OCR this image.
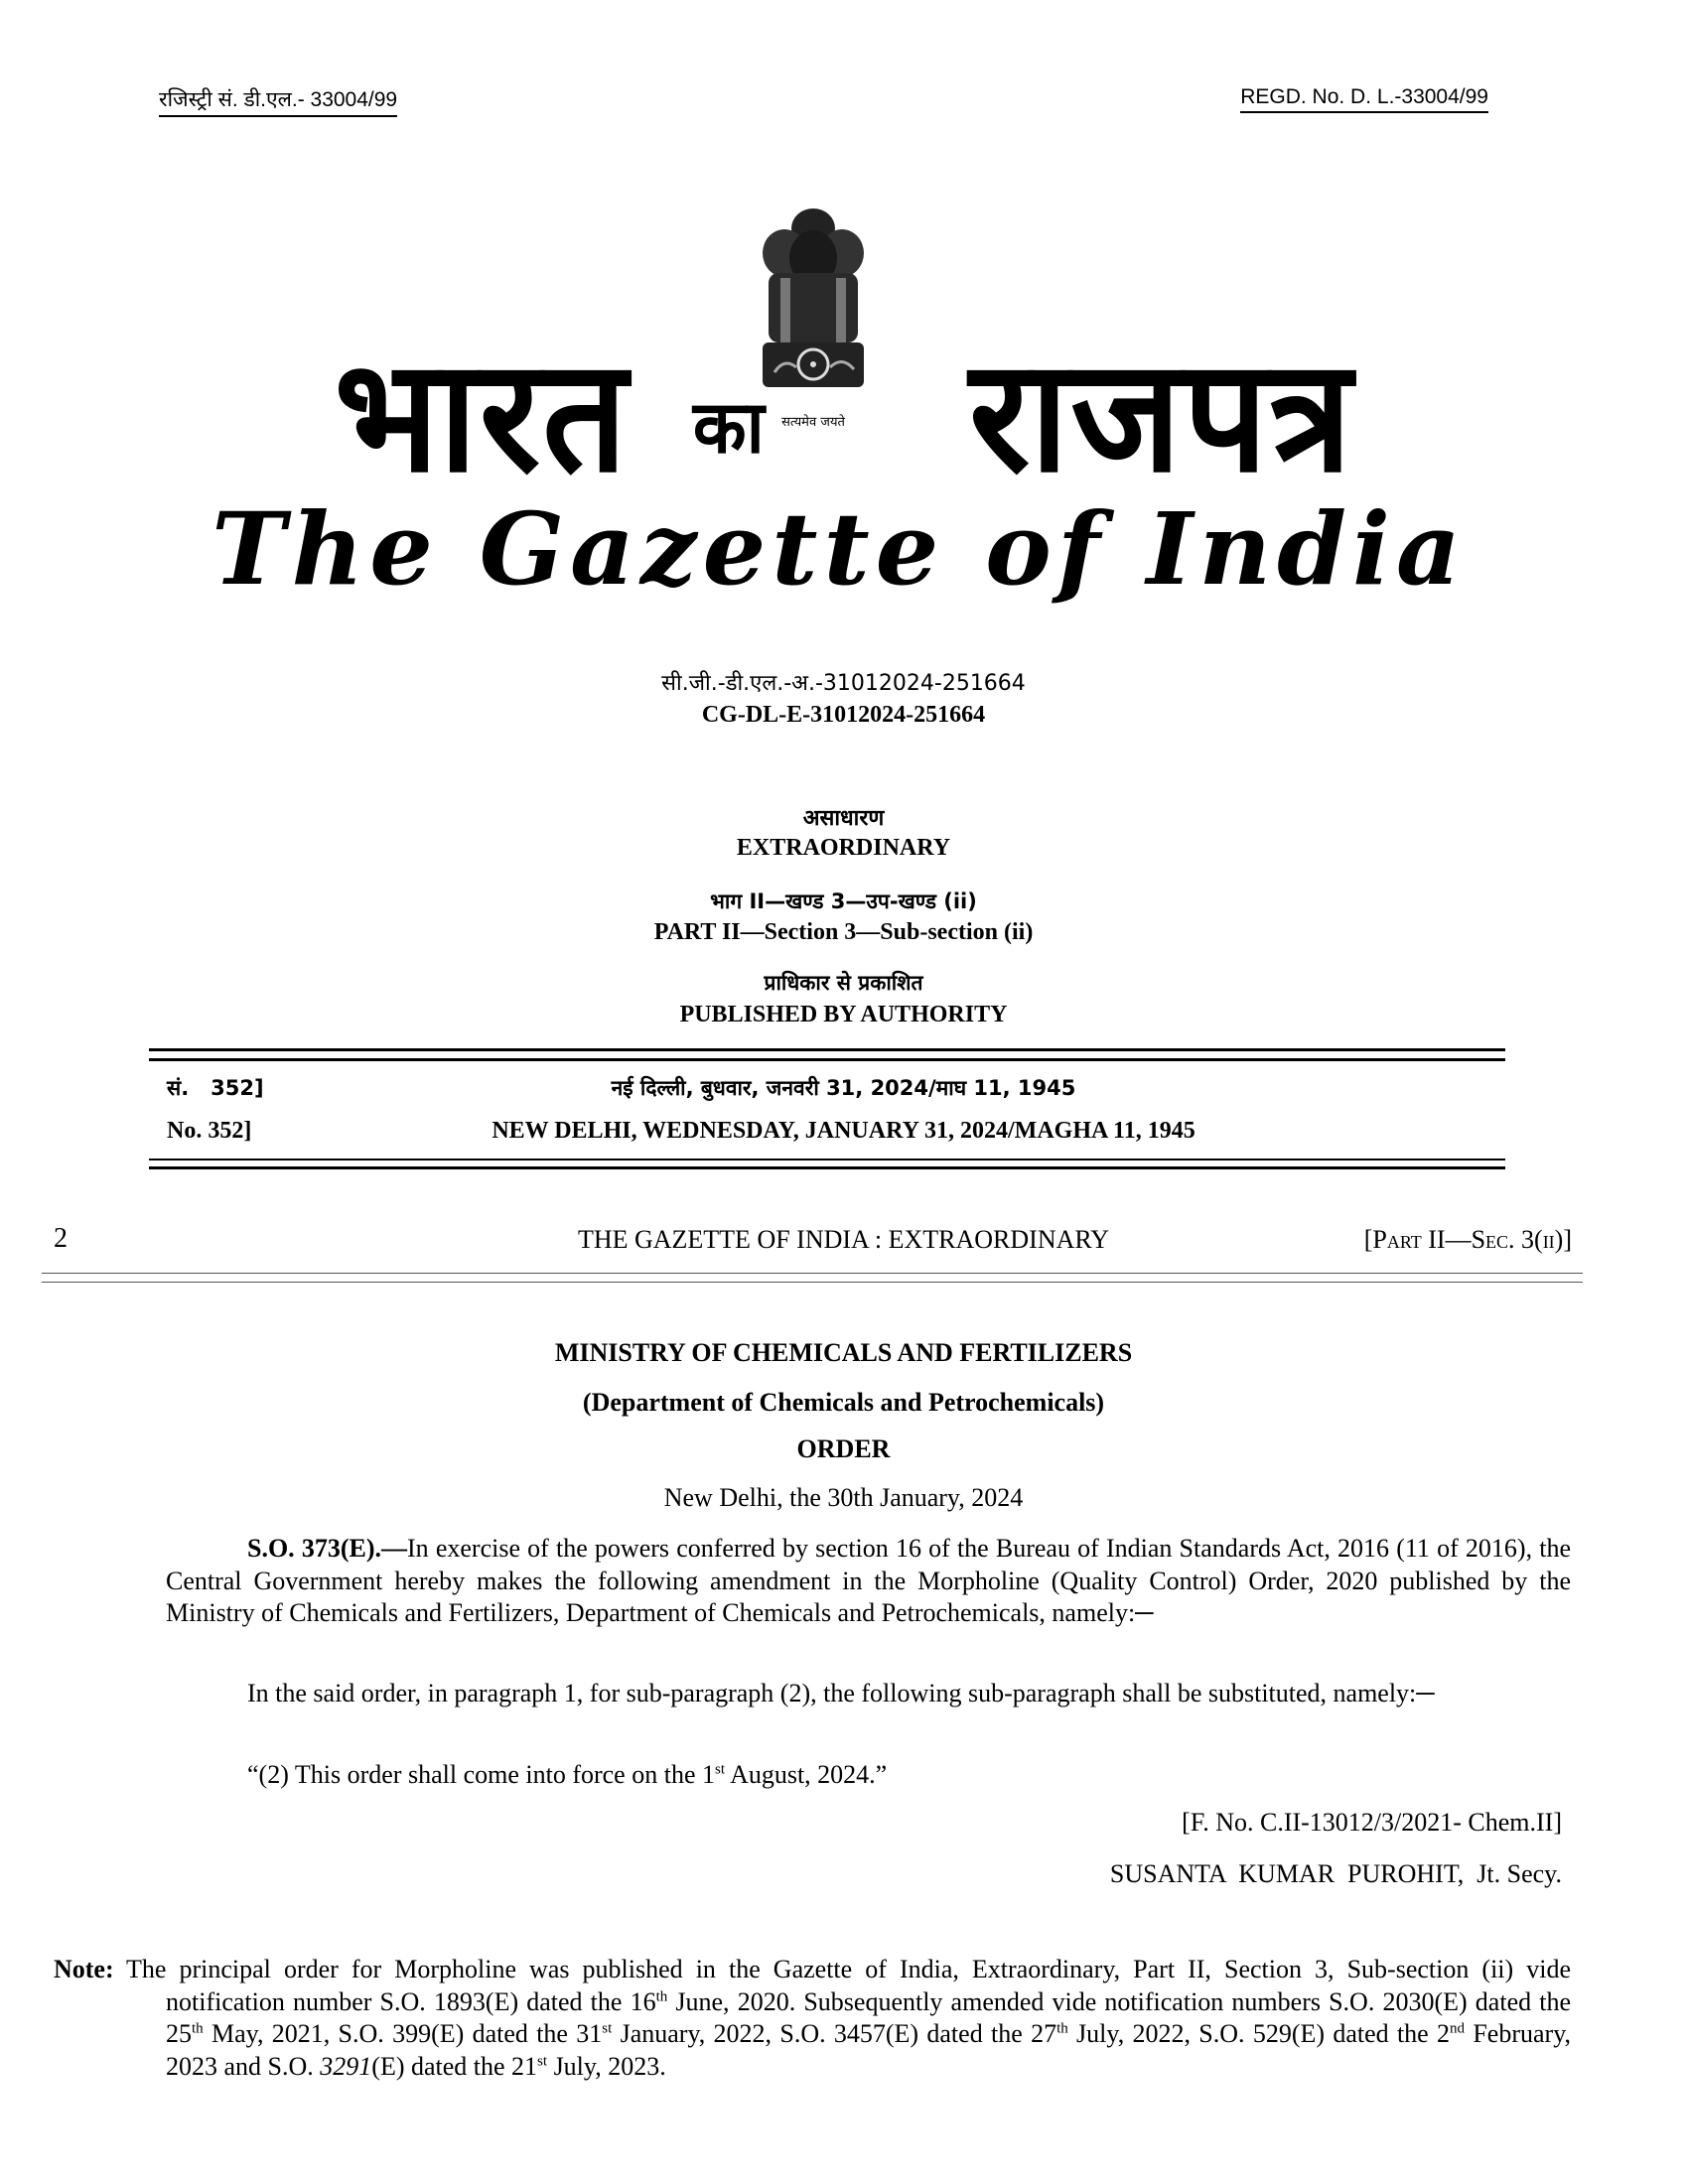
रजिस्ट्री सं. डी.एल.- 33004/99	REGD. No. D. L.-33004/99
सत्यमेव जयते
भारत का राजपत्र
The Gazette of India
सी.जी.-डी.एल.-अ.-31012024-251664
CG-DL-E-31012024-251664
असाधारण
EXTRAORDINARY
भाग II—खण्ड 3—उप-खण्ड (ii)
PART II—Section 3—Sub-section (ii)
प्राधिकार से प्रकाशित
PUBLISHED BY AUTHORITY
सं.   352]	नई दिल्ली, बुधवार, जनवरी 31, 2024/माघ 11, 1945
No. 352]	NEW DELHI, WEDNESDAY, JANUARY 31, 2024/MAGHA 11, 1945
2	THE GAZETTE OF INDIA : EXTRAORDINARY	[Part II—Sec. 3(ii)]
MINISTRY OF CHEMICALS AND FERTILIZERS
(Department of Chemicals and Petrochemicals)
ORDER
New Delhi, the 30th January, 2024
S.O. 373(E).—In exercise of the powers conferred by section 16 of the Bureau of Indian Standards Act, 2016 (11 of 2016), the Central Government hereby makes the following amendment in the Morpholine (Quality Control) Order, 2020 published by the Ministry of Chemicals and Fertilizers, Department of Chemicals and Petrochemicals, namely:─
In the said order, in paragraph 1, for sub-paragraph (2), the following sub-paragraph shall be substituted, namely:─
“(2) This order shall come into force on the 1st August, 2024.”
[F. No. C.II-13012/3/2021- Chem.II]
SUSANTA  KUMAR  PUROHIT,  Jt. Secy.
Note: The principal order for Morpholine was published in the Gazette of India, Extraordinary, Part II, Section 3, Sub-section (ii) vide notification number S.O. 1893(E) dated the 16th June, 2020. Subsequently amended vide notification numbers S.O. 2030(E) dated the 25th May, 2021, S.O. 399(E) dated the 31st January, 2022, S.O. 3457(E) dated the 27th July, 2022, S.O. 529(E) dated the 2nd February, 2023 and S.O. 3291(E) dated the 21st July, 2023.
